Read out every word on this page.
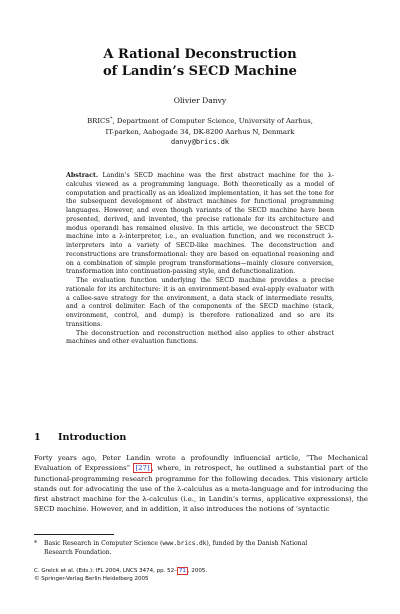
A Rational Deconstruction
of Landin’s SECD Machine
Olivier Danvy
BRICS*, Department of Computer Science, University of Aarhus,
IT-parken, Aabogade 34, DK-8200 Aarhus N, Denmark
danvy@brics.dk

Abstract. Landin’s SECD machine was the first abstract machine for the λ-calculus viewed as a programming language. Both theoretically as a model of computation and practically as an idealized implementation, it has set the tone for the subsequent development of abstract machines for functional programming languages. However, and even though variants of the SECD machine have been presented, derived, and invented, the precise rationale for its architecture and modus operandi has remained elusive. In this article, we deconstruct the SECD machine into a λ-interpreter, i.e., an evaluation function, and we reconstruct λ-interpreters into a variety of SECD-like machines. The deconstruction and reconstructions are transformational: they are based on equational reasoning and on a combination of simple program transformations—mainly closure conversion, transformation into continuation-passing style, and defunctionalization.

The evaluation function underlying the SECD machine provides a precise rationale for its architecture: it is an environment-based eval-apply evaluator with a callee-save strategy for the environment, a data stack of intermediate results, and a control delimiter. Each of the components of the SECD machine (stack, environment, control, and dump) is therefore rationalized and so are its transitions.

The deconstruction and reconstruction method also applies to other abstract machines and other evaluation functions.

1 Introduction

Forty years ago, Peter Landin wrote a profoundly influencial article, “The Mechanical Evaluation of Expressions” [27] , where, in retrospect, he outlined a substantial part of the functional-programming research programme for the following decades. This visionary article stands out for advocating the use of the λ-calculus as a meta-language and for introducing the first abstract machine for the λ-calculus (i.e., in Landin’s terms, applicative expressions), the SECD machine. However, and in addition, it also introduces the notions of ‘syntactic

* Basic Research in Computer Science (www.brics.dk), funded by the Danish National
Research Foundation.
C. Grelck et al. (Eds.): IFL 2004, LNCS 3474, pp. 52– 71 , 2005.
© Springer-Verlag Berlin Heidelberg 2005
